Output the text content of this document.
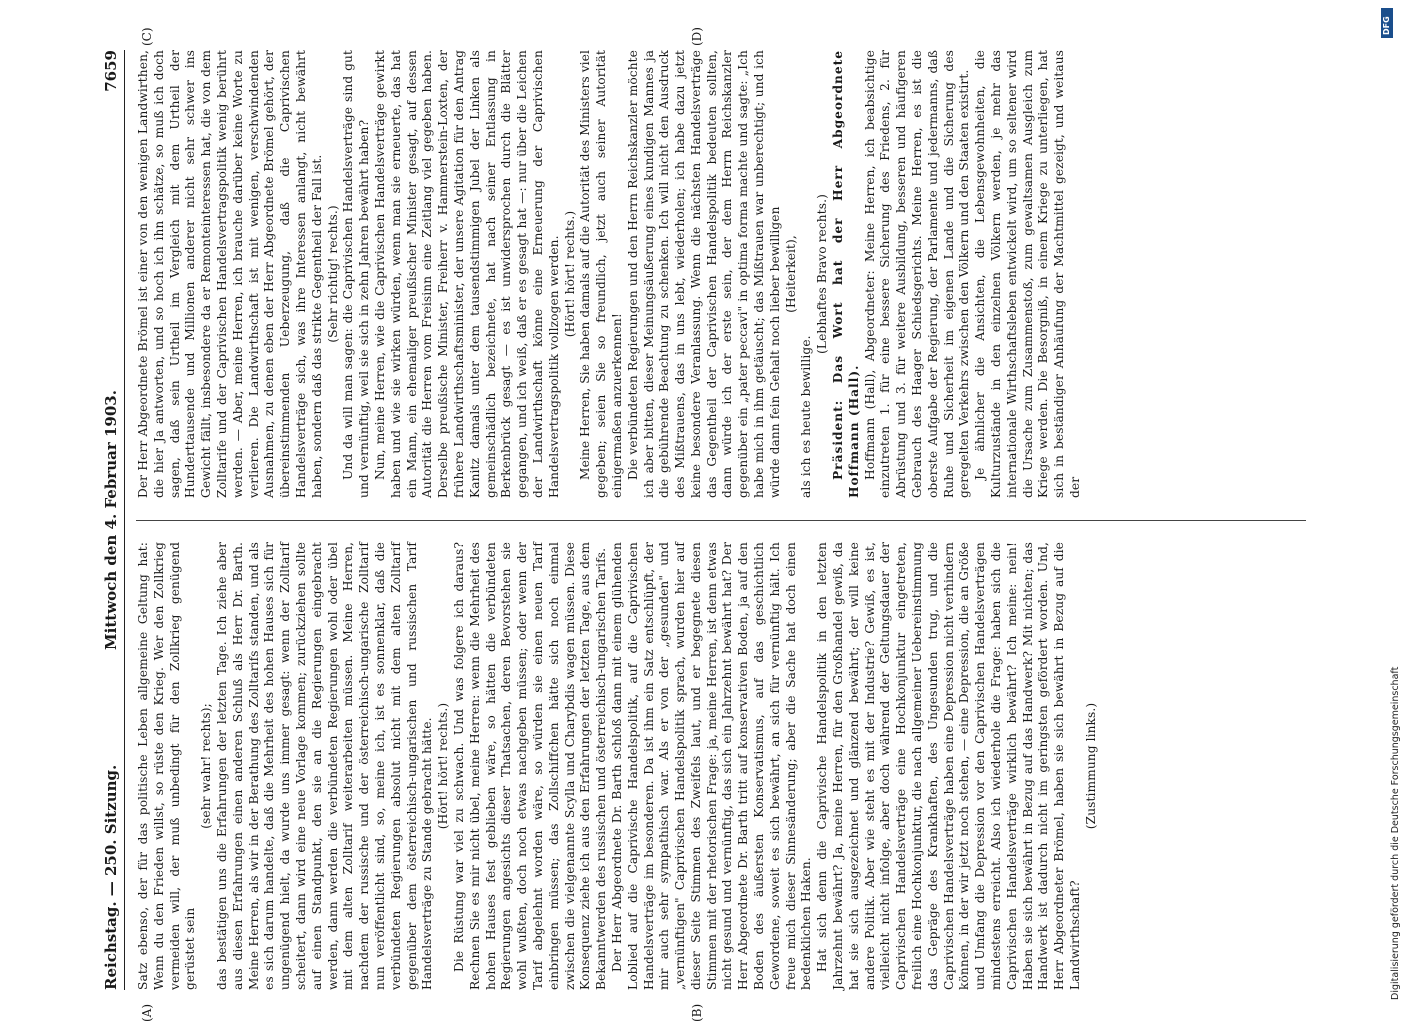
Reichstag. — 250. Sitzung.
Mittwoch den 4. Februar 1903.
7659

Satz ebenso, der für das politische Leben allgemeine Geltung hat: Wenn du den Frieden willst, so rüste den Krieg. Wer den Zollkrieg vermeiden will, der muß unbedingt für den Zollkrieg genügend gerüstet sein

(sehr wahr! rechts); das bestätigen uns die Erfahrungen der letzten Tage. Ich ziehe aber aus diesen Erfahrungen einen anderen Schluß als Herr Dr. Barth. Meine Herren, als wir in der Berathung des Zolltarifs standen, und als es sich darum handelte, daß die Mehrheit des hohen Hauses sich für ungenügend hielt, da wurde uns immer gesagt: wenn der Zolltarif scheitert, dann wird eine neue Vorlage kommen; zurückziehen sollte auf einen Standpunkt, den sie an die Regierungen eingebracht werden, dann werden die verbündeten Regierungen wohl oder übel mit dem alten Zolltarif weiterarbeiten müssen. Meine Herren, nachdem der russische und der österreichisch-ungarische Zolltarif nun veröffentlicht sind, so, meine ich, ist es sonnenklar, daß die verbündeten Regierungen absolut nicht mit dem alten Zolltarif gegenüber dem österreichisch-ungarischen und russischen Tarif Handelsverträge zu Stande gebracht hätte. (Hört! hört! rechts.) Die Rüstung war viel zu schwach. Und was folgere ich daraus? Rechnen Sie es mir nicht übel, meine Herren: wenn die Mehrheit des hohen Hauses fest geblieben wäre, so hätten die verbündeten Regierungen angesichts dieser Thatsachen, deren Bevorstehen sie wohl wußten, doch noch etwas nachgeben müssen; oder wenn der Tarif abgelehnt worden wäre, so würden sie einen neuen Tarif einbringen müssen; das Zollschiffchen hätte sich noch einmal zwischen die vielgenannte Scylla und Charybdis wagen müssen. Diese Konsequenz ziehe ich aus den Erfahrungen der letzten Tage, aus dem Bekanntwerden des russischen und österreichisch-ungarischen Tarifs. Der Herr Abgeordnete Dr. Barth schloß dann mit einem glühenden Loblied auf die Caprivische Handelspolitik, auf die Caprivischen Handelsverträge im besonderen. Da ist ihm ein Satz entschlüpft, der mir auch sehr sympathisch war. Als er von der „gesunden" und „vernünftigen" Caprivischen Handelspolitik sprach, wurden hier auf dieser Seite Stimmen des Zweifels laut, und er begegnete diesen Stimmen mit der rhetorischen Frage: ja, meine Herren, ist denn etwas nicht gesund und vernünftig, das sich ein Jahrzehnt bewährt hat? Der Herr Abgeordnete Dr. Barth tritt auf konservativen Boden, ja auf den Boden des äußersten Konservatismus, auf das geschichtlich Gewordene, soweit es sich bewährt, an sich für vernünftig hält. Ich freue mich dieser Sinnesänderung; aber die Sache hat doch einen bedenklichen Haken. Hat sich denn die Caprivische Handelspolitik in den letzten Jahrzehnt bewährt? Ja, meine Herren, für den Großhandel gewiß, da hat sie sich ausgezeichnet und glänzend bewährt; der will keine andere Politik. Aber wie steht es mit der Industrie? Gewiß, es ist, vielleicht nicht infolge, aber doch während der Geltungsdauer der Caprivischen Handelsverträge eine Hochkonjunktur eingetreten, freilich eine Hochkonjunktur, die nach allgemeiner Uebereinstimmung das Gepräge des Krankhaften, des Ungesunden trug, und die Caprivischen Handelsverträge haben eine Depression nicht verhindern können, in der wir jetzt noch stehen, — eine Depression, die an Größe und Umfang die Depression vor den Caprivischen Handelsverträgen mindestens erreicht. Also ich wiederhole die Frage: haben sich die Caprivischen Handelsverträge wirklich bewährt? Ich meine: nein! Haben sie sich bewährt in Bezug auf das Handwerk? Mit nichten; das Handwerk ist dadurch nicht im geringsten gefördert worden. Und, Herr Abgeordneter Brömel, haben sie sich bewährt in Bezug auf die Landwirthschaft?

(Zustimmung links.)

Der Herr Abgeordnete Brömel ist einer von den wenigen Landwirthen, die hier Ja antworten, und so hoch ich ihn schätze, so muß ich doch sagen, daß sein Urtheil im Vergleich mit dem Urtheil der Hunderttausende und Millionen anderer nicht sehr schwer ins Gewicht fällt, insbesondere da er Remonteinteressen hat, die von dem Zolltarife und der Caprivischen Handelsvertragspolitik wenig berührt werden. — Aber, meine Herren, ich brauche darüber keine Worte zu verlieren. Die Landwirthschaft ist mit wenigen, verschwindenden Ausnahmen, zu denen eben der Herr Abgeordnete Brömel gehört, der übereinstimmenden Ueberzeugung, daß die Caprivischen Handelsverträge sich, was ihre Interessen anlangt, nicht bewährt haben, sondern daß das strikte Gegentheil der Fall ist. (Sehr richtig! rechts.) Und da will man sagen: die Caprivischen Handelsverträge sind gut und vernünftig, weil sie sich in zehn Jahren bewährt haben? Nun, meine Herren, wie die Caprivischen Handelsverträge gewirkt haben und wie sie wirken würden, wenn man sie erneuerte, das hat ein Mann, ein ehemaliger preußischer Minister gesagt, auf dessen Autorität die Herren vom Freisinn eine Zeitlang viel gegeben haben. Derselbe preußische Minister, Freiherr v. Hammerstein-Loxten, der frühere Landwirthschaftsminister, der unsere Agitation für den Antrag Kanitz damals unter dem tausendstimmigen Jubel der Linken als gemeinschädlich bezeichnete, hat nach seiner Entlassung in Berkenbrück gesagt — es ist unwidersprochen durch die Blätter gegangen, und ich weiß, daß er es gesagt hat —: nur über die Leichen der Landwirthschaft könne eine Erneuerung der Caprivischen Handelsvertragspolitik vollzogen werden. (Hört! hört! rechts.) Meine Herren, Sie haben damals auf die Autorität des Ministers viel gegeben; seien Sie so freundlich, jetzt auch seiner Autorität einigermaßen anzuerkennen! Die verbündeten Regierungen und den Herrn Reichskanzler möchte ich aber bitten, dieser Meinungsäußerung eines kundigen Mannes ja die gebührende Beachtung zu schenken. Ich will nicht den Ausdruck des Mißtrauens, das in uns lebt, wiederholen; ich habe dazu jetzt keine besondere Veranlassung. Wenn die nächsten Handelsverträge das Gegentheil der Caprivischen Handelspolitik bedeuten sollten, dann würde ich der erste sein, der dem Herrn Reichskanzler gegenüber ein „pater peccavi" in optima forma machte und sagte: „Ich habe mich in ihm getäuscht; das Mißtrauen war unberechtigt; und ich würde dann fein Gehalt noch lieber bewilligen (Heiterkeit),

als ich es heute bewillige.

(Lebhaftes Bravo rechts.) Präsident: Das Wort hat der Herr Abgeordnete Hoffmann (Hall). Hoffmann (Hall), Abgeordneter: Meine Herren, ich beabsichtige einzutreten 1. für eine bessere Sicherung des Friedens, 2. für Abrüstung und 3. für weitere Ausbildung, besseren und häufigeren Gebrauch des Haager Schiedsgerichts. Meine Herren, es ist die oberste Aufgabe der Regierung, der Parlamente und jedermanns, daß Ruhe und Sicherheit im eigenen Lande und die Sicherung des geregelten Verkehrs zwischen den Völkern und den Staaten existirt. Je ähnlicher die Ansichten, die Lebensgewohnheiten, die Kulturzustände in den einzelnen Völkern werden, je mehr das internationale Wirthschaftsleben entwickelt wird, um so seltener wird die Ursache zum Zusammenstoß, zum gewaltsamen Ausgleich zum Kriege werden. Die Besorgniß, in einem Kriege zu unterliegen, hat sich in beständiger Anhäufung der Machtmittel gezeigt, und weitaus der

(A)	(B)
(C)	(D)
DFG
Digitalisierung gefördert durch die Deutsche Forschungsgemeinschaft
